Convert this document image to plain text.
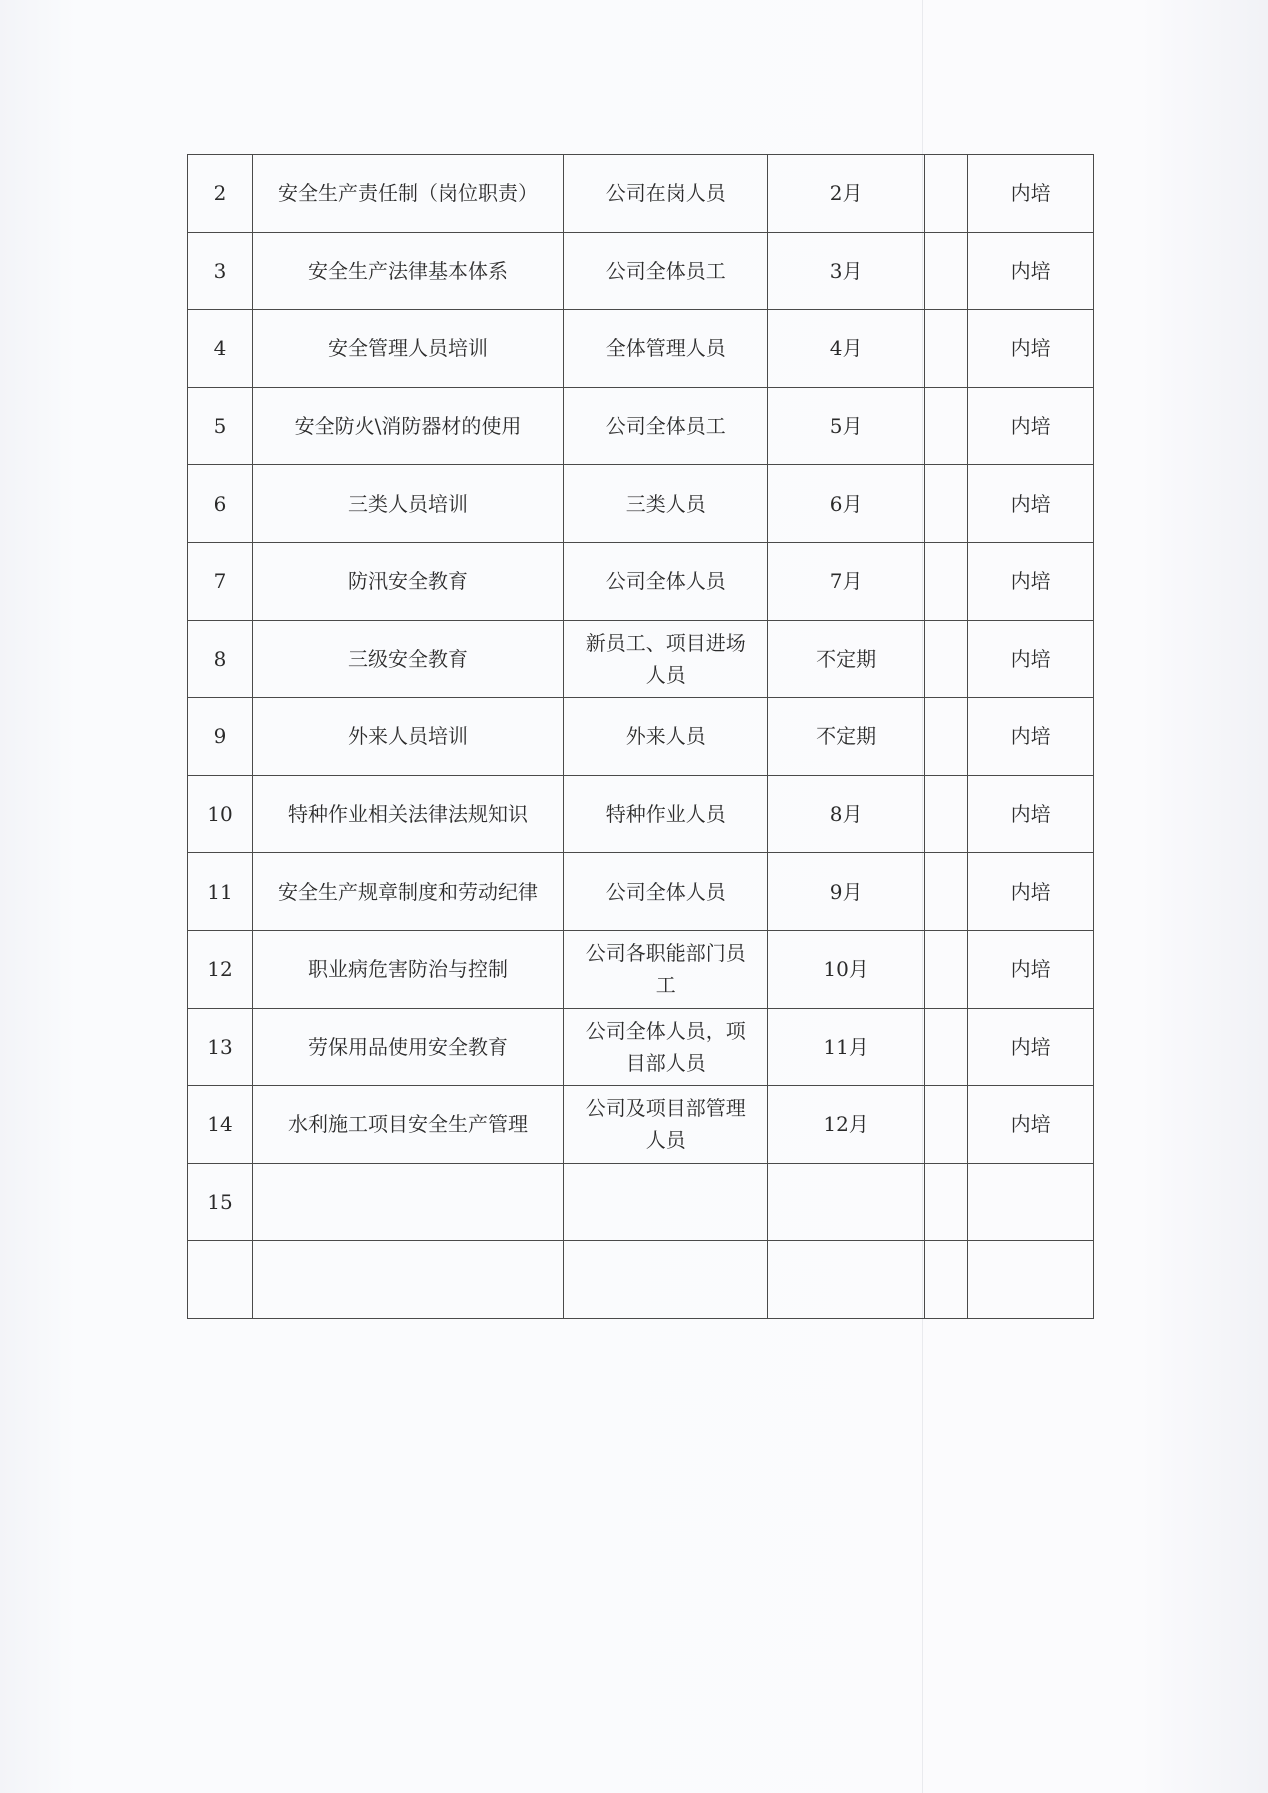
2	安全生产责任制（岗位职责）	公司在岗人员	2月		内培

3	安全生产法律基本体系	公司全体员工	3月		内培

4	安全管理人员培训	全体管理人员	4月		内培

5	安全防火\消防器材的使用	公司全体员工	5月		内培

6	三类人员培训	三类人员	6月		内培

7	防汛安全教育	公司全体人员	7月		内培

8	三级安全教育	新员工、项目进场人员	不定期		内培

9	外来人员培训	外来人员	不定期		内培

10	特种作业相关法律法规知识	特种作业人员	8月		内培

11	安全生产规章制度和劳动纪律	公司全体人员	9月		内培

12	职业病危害防治与控制	公司各职能部门员工	10月		内培

13	劳保用品使用安全教育	公司全体人员，项目部人员	11月		内培

14	水利施工项目安全生产管理	公司及项目部管理人员	12月		内培

15					
